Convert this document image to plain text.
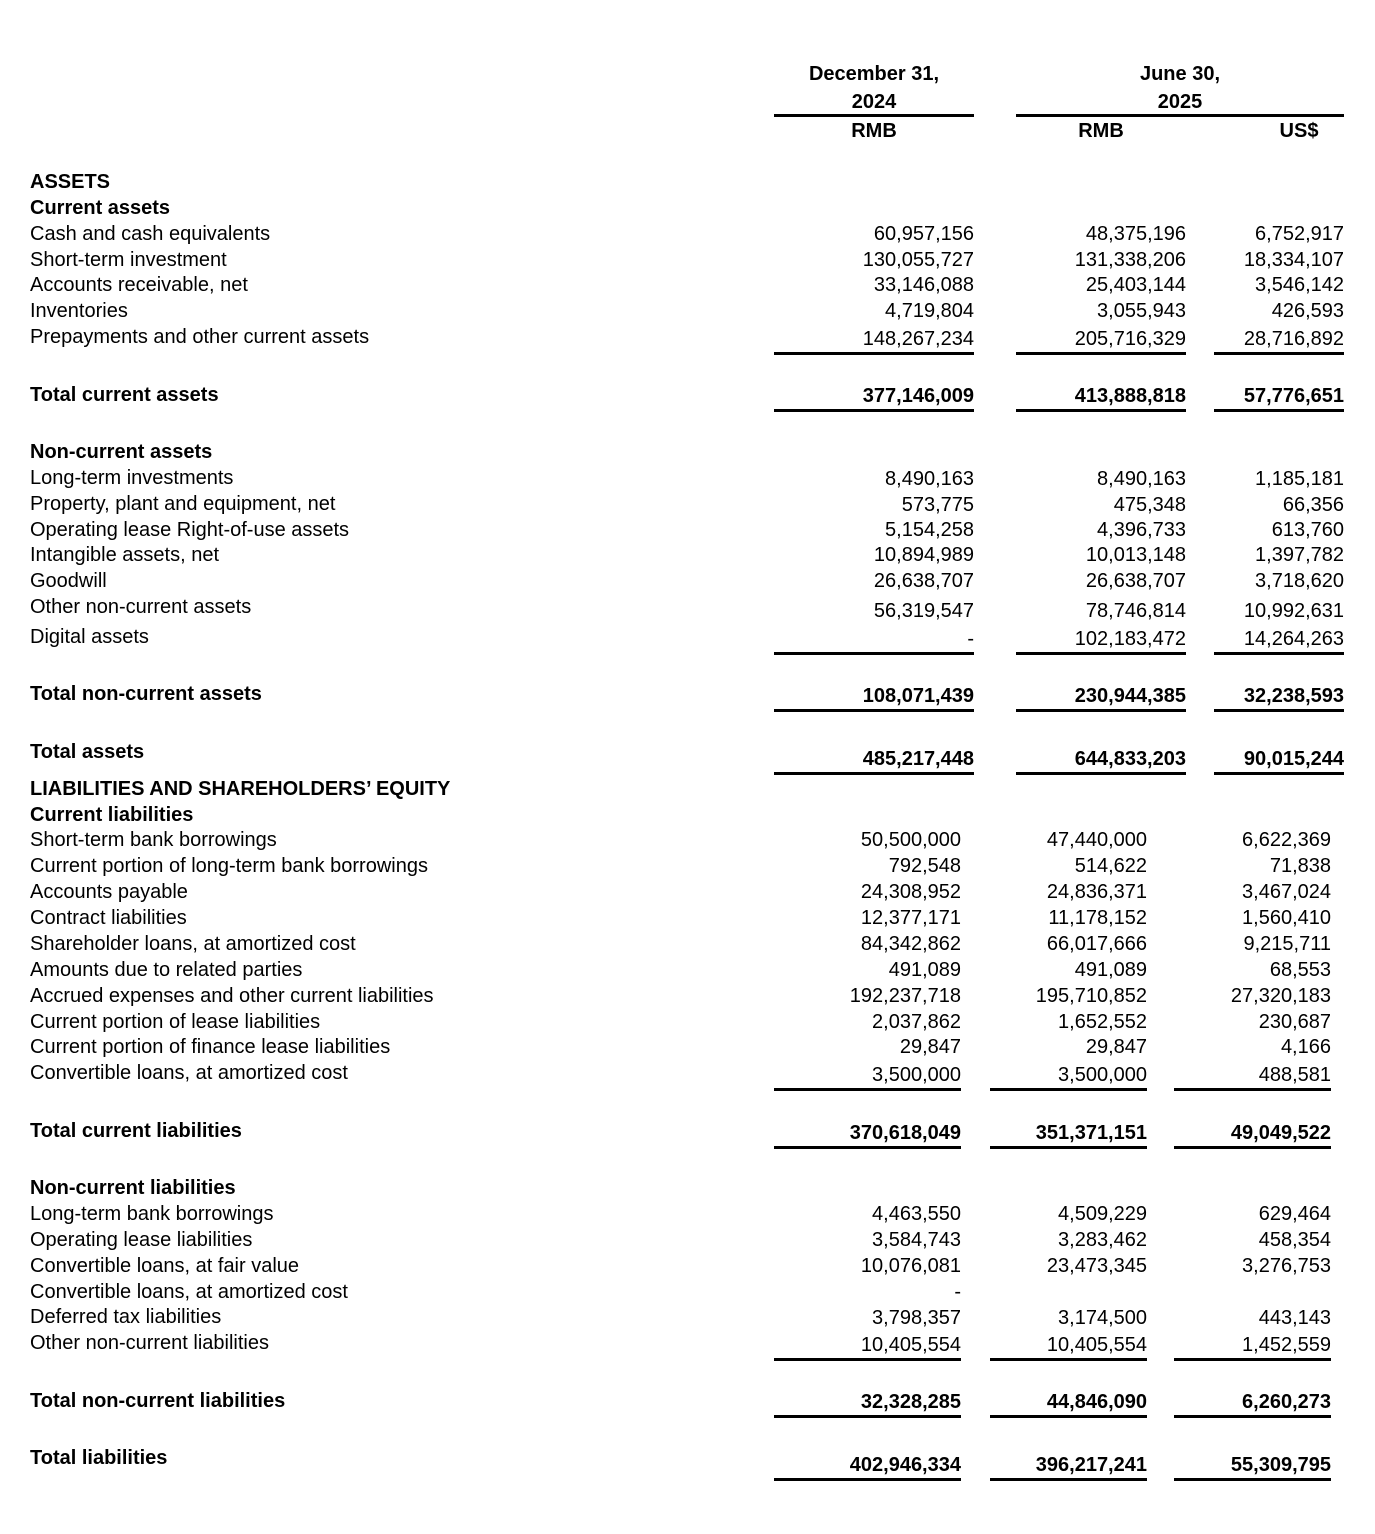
December 31,
2024
RMB
June 30,
2025
RMB	US$
ASSETS
Current assets
Cash and cash equivalents	60,957,156	48,375,196	6,752,917
Short-term investment	130,055,727	131,338,206	18,334,107
Accounts receivable, net	33,146,088	25,403,144	3,546,142
Inventories	4,719,804	3,055,943	426,593
Prepayments and other current assets	148,267,234	205,716,329	28,716,892
Total current assets	377,146,009	413,888,818	57,776,651
Non-current assets
Long-term investments	8,490,163	8,490,163	1,185,181
Property, plant and equipment, net	573,775	475,348	66,356
Operating lease Right-of-use assets	5,154,258	4,396,733	613,760
Intangible assets, net	10,894,989	10,013,148	1,397,782
Goodwill	26,638,707	26,638,707	3,718,620
Other non-current assets	56,319,547	78,746,814	10,992,631
Digital assets	-	102,183,472	14,264,263
Total non-current assets	108,071,439	230,944,385	32,238,593
Total assets	485,217,448	644,833,203	90,015,244
LIABILITIES AND SHAREHOLDERS’ EQUITY
Current liabilities
Short-term bank borrowings	50,500,000	47,440,000	6,622,369
Current portion of long-term bank borrowings	792,548	514,622	71,838
Accounts payable	24,308,952	24,836,371	3,467,024
Contract liabilities	12,377,171	11,178,152	1,560,410
Shareholder loans, at amortized cost	84,342,862	66,017,666	9,215,711
Amounts due to related parties	491,089	491,089	68,553
Accrued expenses and other current liabilities	192,237,718	195,710,852	27,320,183
Current portion of lease liabilities	2,037,862	1,652,552	230,687
Current portion of finance lease liabilities	29,847	29,847	4,166
Convertible loans, at amortized cost	3,500,000	3,500,000	488,581
Total current liabilities	370,618,049	351,371,151	49,049,522
Non-current liabilities
Long-term bank borrowings	4,463,550	4,509,229	629,464
Operating lease liabilities	3,584,743	3,283,462	458,354
Convertible loans, at fair value	10,076,081	23,473,345	3,276,753
Convertible loans, at amortized cost	-
Deferred tax liabilities	3,798,357	3,174,500	443,143
Other non-current liabilities	10,405,554	10,405,554	1,452,559
Total non-current liabilities	32,328,285	44,846,090	6,260,273
Total liabilities	402,946,334	396,217,241	55,309,795
